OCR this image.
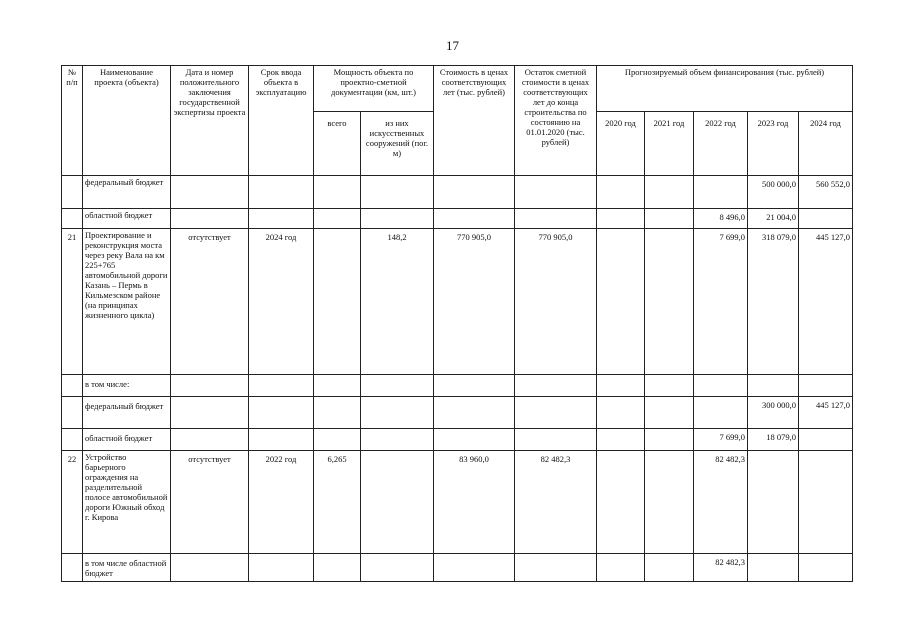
17
№ п/п	Наименование проекта (объекта)	Дата и номер положительного заключения государственной экспертизы проекта	Срок ввода объекта в эксплуатацию	Мощность объекта по проектно-сметной документации (км, шт.)		Стоимость в ценах соответствующих лет (тыс. рублей)	Остаток сметной стоимости в ценах соответствующих лет до конца строительства по состоянию на 01.01.2020 (тыс. рублей)	Прогнозируемый объем финансирования (тыс. рублей)				
				всего	из них искусственных сооружений (пог. м)			2020 год	2021 год	2022 год	2023 год	2024 год
	федеральный бюджет										500 000,0	560 552,0
	областной бюджет									8 496,0	21 004,0	
21	Проектирование и реконструкция моста через реку Вала на км 225+765 автомобильной дороги Казань – Пермь в Кильмезском районе (на принципах жизненного цикла)	отсутствует	2024 год		148,2	770 905,0	770 905,0			7 699,0	318 079,0	445 127,0
	в том числе:											
	федеральный бюджет										300 000,0	445 127,0
	областной бюджет									7 699,0	18 079,0	
22	Устройство барьерного ограждения на разделительной полосе автомобильной дороги Южный обход г. Кирова	отсутствует	2022 год	6,265		83 960,0	82 482,3			82 482,3		
	в том числе областной бюджет									82 482,3		
